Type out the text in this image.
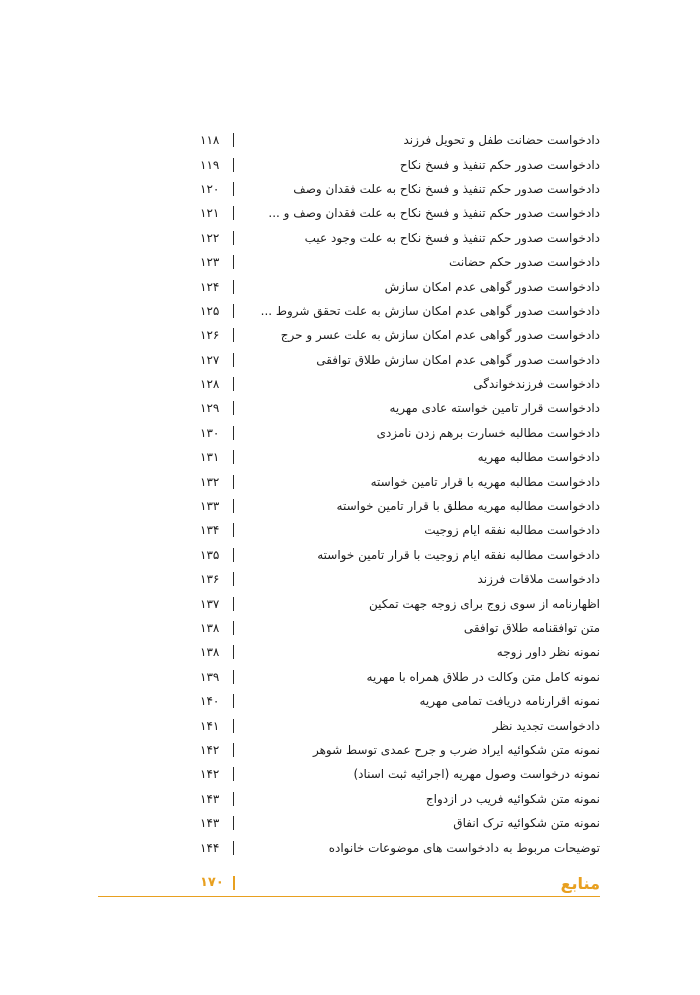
دادخواست حضانت طفل و تحویل فرزند
۱۱۸
دادخواست صدور حکم تنفیذ و فسخ نکاح
۱۱۹
دادخواست صدور حکم تنفیذ و فسخ نکاح به علت فقدان وصف
۱۲۰
دادخواست صدور حکم تنفیذ و فسخ نکاح به علت فقدان وصف و ...
۱۲۱
دادخواست صدور حکم تنفیذ و فسخ نکاح به علت وجود عیب
۱۲۲
دادخواست صدور حکم حضانت
۱۲۳
دادخواست صدور گواهی عدم امکان سازش
۱۲۴
دادخواست صدور گواهی عدم امکان سازش به علت تحقق شروط ...
۱۲۵
دادخواست صدور گواهی عدم امکان سازش به علت عسر و حرج
۱۲۶
دادخواست صدور گواهی عدم امکان سازش طلاق توافقی
۱۲۷
دادخواست فرزندخواندگی
۱۲۸
دادخواست قرار تامین خواسته عادی مهریه
۱۲۹
دادخواست مطالبه خسارت برهم زدن نامزدی
۱۳۰
دادخواست مطالبه مهریه
۱۳۱
دادخواست مطالبه مهریه با قرار تامین خواسته
۱۳۲
دادخواست مطالبه مهریه مطلق با قرار تامین خواسته
۱۳۳
دادخواست مطالبه نفقه ایام زوجیت
۱۳۴
دادخواست مطالبه نفقه ایام زوجیت با قرار تامین خواسته
۱۳۵
دادخواست ملاقات فرزند
۱۳۶
اظهارنامه از سوی زوج برای زوجه جهت تمکین
۱۳۷
متن توافقنامه طلاق توافقی
۱۳۸
نمونه نظر داور زوجه
۱۳۸
نمونه کامل متن وکالت در طلاق همراه با مهریه
۱۳۹
نمونه اقرارنامه دریافت تمامی مهریه
۱۴۰
دادخواست تجدید نظر
۱۴۱
نمونه متن شکوائیه ایراد ضرب و جرح عمدی توسط شوهر
۱۴۲
نمونه درخواست وصول مهریه (اجرائیه ثبت اسناد)
۱۴۲
نمونه متن شکوائیه فریب در ازدواج
۱۴۳
نمونه متن شکوائیه ترک انفاق
۱۴۳
توضیحات مربوط به دادخواست های موضوعات خانواده
۱۴۴
منابع
۱۷۰
